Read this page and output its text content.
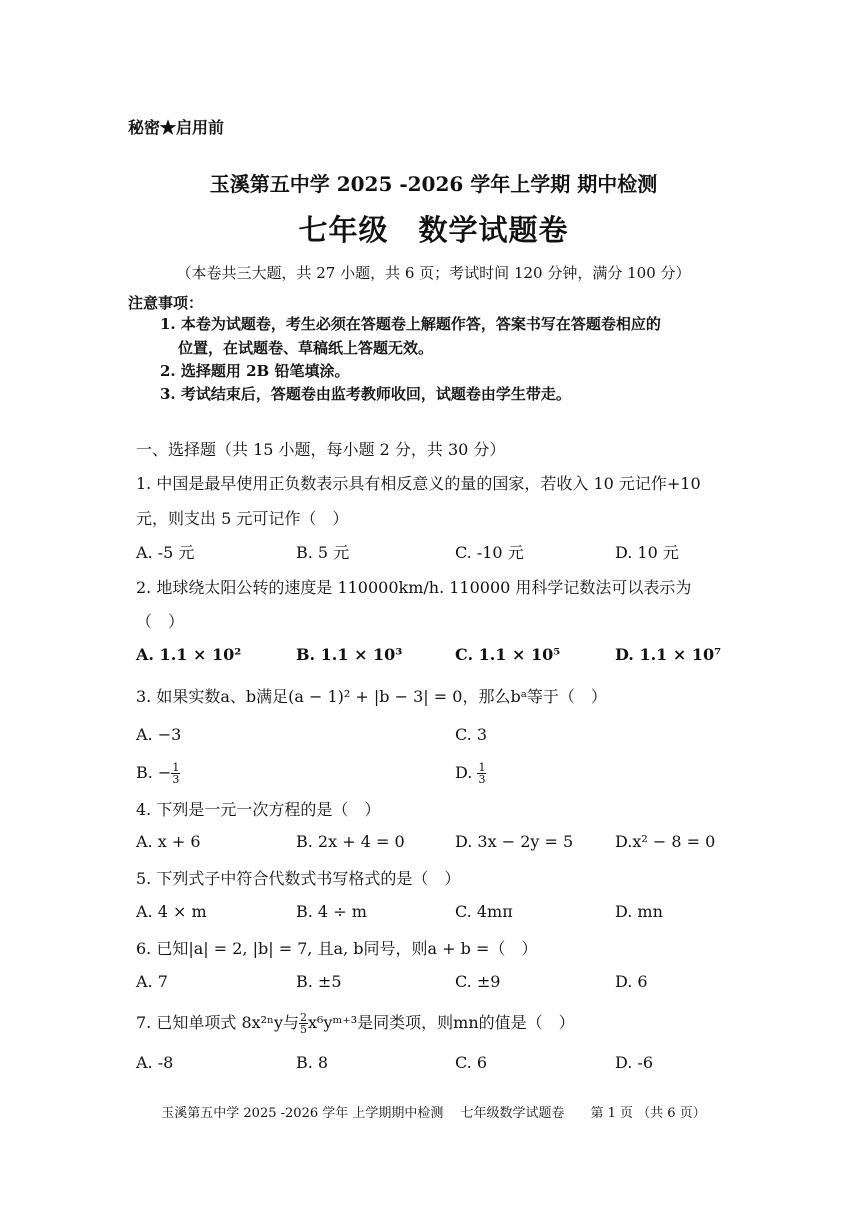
秘密★启用前
玉溪第五中学 2025 -2026 学年上学期 期中检测
七年级　数学试题卷
（本卷共三大题，共 27 小题，共 6 页；考试时间 120 分钟，满分 100 分）
注意事项：
1. 本卷为试题卷，考生必须在答题卷上解题作答，答案书写在答题卷相应的
位置，在试题卷、草稿纸上答题无效。
2. 选择题用 2B 铅笔填涂。
3. 考试结束后，答题卷由监考教师收回，试题卷由学生带走。
一、选择题（共 15 小题，每小题 2 分，共 30 分）
1. 中国是最早使用正负数表示具有相反意义的量的国家，若收入 10 元记作+10
元，则支出 5 元可记作（　）
A. -5 元	B. 5 元	C. -10 元	D. 10 元
2. 地球绕太阳公转的速度是 110000km/h. 110000 用科学记数法可以表示为
（　）
A. 1.1 × 10²	B. 1.1 × 10³	C. 1.1 × 10⁵	D. 1.1 × 10⁷
3. 如果实数a、b满足(a − 1)² + |b − 3| = 0，那么bᵃ等于（　）
A. −3	C. 3
B. − $\frac{1}{3}$	D. $\frac{1}{3}$
4. 下列是一元一次方程的是（　）
A. x + 6	B. 2x + 4 = 0	D. 3x − 2y = 5	D.x² − 8 = 0
5. 下列式子中符合代数式书写格式的是（　）
A. 4 × m	B. 4 ÷ m	C. 4mπ	D. mn
6. 已知|a| = 2, |b| = 7, 且a, b同号，则a + b =（　）
A. 7	B. ±5	C. ±9	D. 6
7. 已知单项式 8x²ⁿy与 $\frac{2}{5}$ x⁶yᵐ⁺³是同类项，则mn的值是（　）
A. -8	B. 8	C. 6	D. -6
玉溪第五中学 2025 -2026 学年 上学期期中检测　 七年级数学试题卷　　第 1 页 （共 6 页）
